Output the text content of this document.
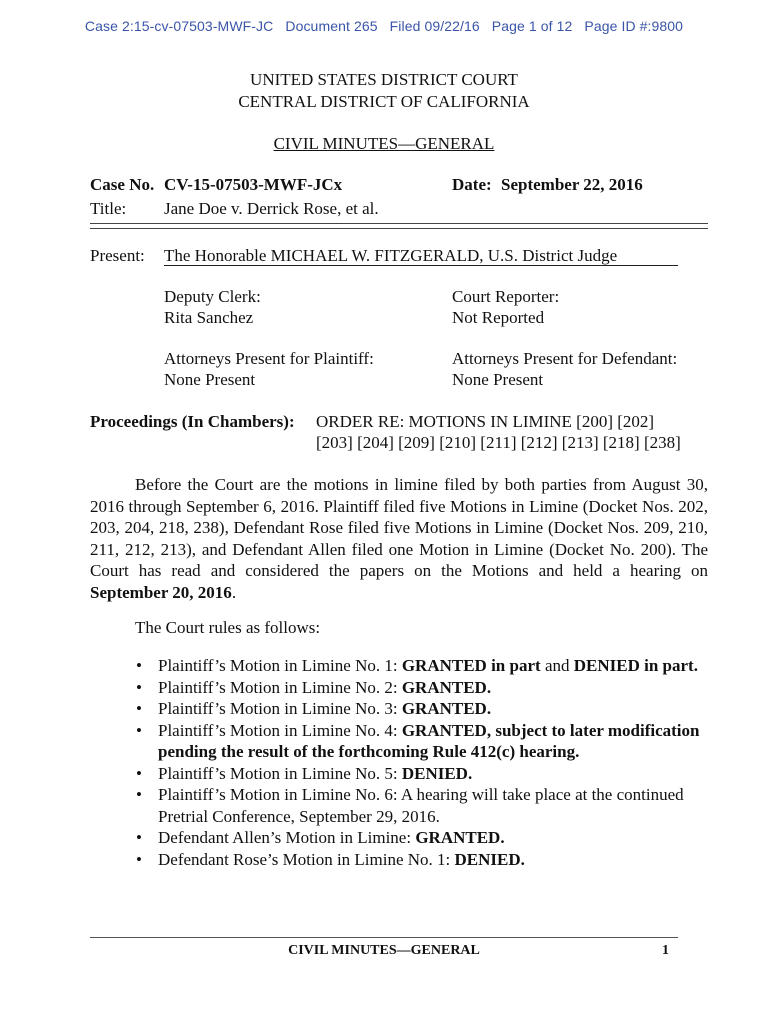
Case 2:15-cv-07503-MWF-JC Document 265 Filed 09/22/16 Page 1 of 12 Page ID #:9800
UNITED STATES DISTRICT COURT
CENTRAL DISTRICT OF CALIFORNIA
CIVIL MINUTES—GENERAL
Case No. CV-15-07503-MWF-JCx	Date: September 22, 2016
Title: Jane Doe v. Derrick Rose, et al.
Present: The Honorable MICHAEL W. FITZGERALD, U.S. District Judge
Deputy Clerk:
Rita Sanchez
Court Reporter:
Not Reported
Attorneys Present for Plaintiff:
None Present
Attorneys Present for Defendant:
None Present
Proceedings (In Chambers): ORDER RE: MOTIONS IN LIMINE [200] [202]
[203] [204] [209] [210] [211] [212] [213] [218] [238]
Before the Court are the motions in limine filed by both parties from August 30, 2016 through September 6, 2016. Plaintiff filed five Motions in Limine (Docket Nos. 202, 203, 204, 218, 238), Defendant Rose filed five Motions in Limine (Docket Nos. 209, 210, 211, 212, 213), and Defendant Allen filed one Motion in Limine (Docket No. 200). The Court has read and considered the papers on the Motions and held a hearing on September 20, 2016.
The Court rules as follows:
• Plaintiff’s Motion in Limine No. 1: GRANTED in part and DENIED in part.
• Plaintiff’s Motion in Limine No. 2: GRANTED.
• Plaintiff’s Motion in Limine No. 3: GRANTED.
• Plaintiff’s Motion in Limine No. 4: GRANTED, subject to later modification pending the result of the forthcoming Rule 412(c) hearing.
• Plaintiff’s Motion in Limine No. 5: DENIED.
• Plaintiff’s Motion in Limine No. 6: A hearing will take place at the continued Pretrial Conference, September 29, 2016.
• Defendant Allen’s Motion in Limine: GRANTED.
• Defendant Rose’s Motion in Limine No. 1: DENIED.
CIVIL MINUTES—GENERAL	1
